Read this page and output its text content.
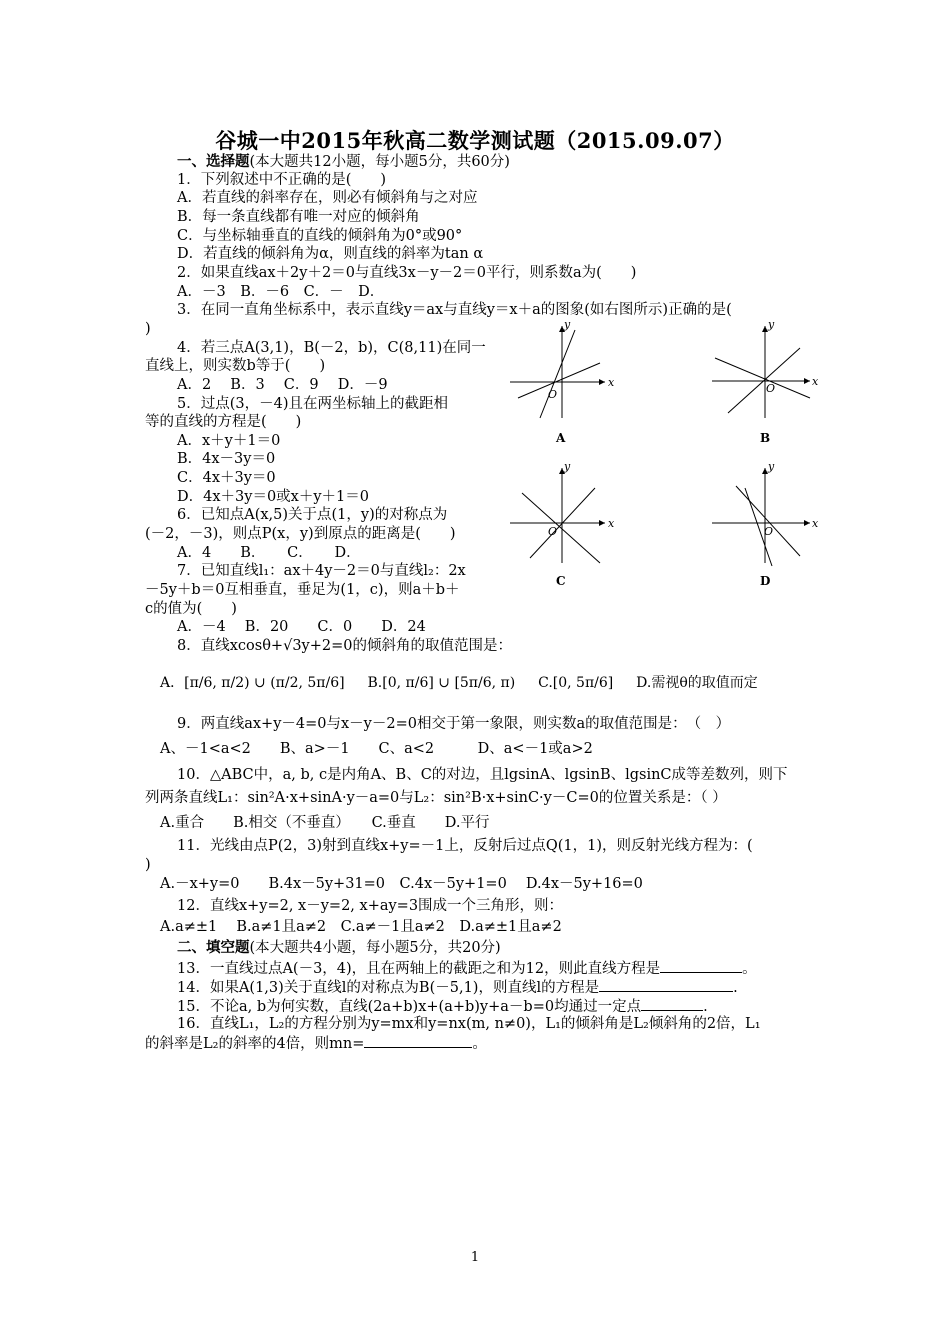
谷城一中2015年秋高二数学测试题（2015.09.07）
一、选择题(本大题共12小题，每小题5分，共60分)
1．下列叙述中不正确的是(　　)
A．若直线的斜率存在，则必有倾斜角与之对应
B．每一条直线都有唯一对应的倾斜角
C．与坐标轴垂直的直线的倾斜角为0°或90°
D．若直线的倾斜角为α，则直线的斜率为tan α
2．如果直线ax＋2y＋2＝0与直线3x－y－2＝0平行，则系数a为(　　)
A．－3　B．－6　C．－　D．
3．在同一直角坐标系中，表示直线y＝ax与直线y＝x＋a的图象(如右图所示)正确的是(
)
4．若三点A(3,1)，B(－2，b)，C(8,11)在同一
直线上，则实数b等于(　　)
A．2　 B．3　 C．9　 D．－9
5．过点(3，－4)且在两坐标轴上的截距相
等的直线的方程是(　　)
A．x＋y＋1＝0
B．4x－3y＝0
C．4x＋3y＝0
D．4x＋3y＝0或x＋y＋1＝0
6．已知点A(x,5)关于点(1，y)的对称点为
(－2，－3)，则点P(x，y)到原点的距离是(　　)
A．4　　B．　　C．　　D．
7．已知直线l₁：ax＋4y－2＝0与直线l₂：2x
－5y＋b＝0互相垂直，垂足为(1，c)，则a＋b＋
c的值为(　　)
A．－4　 B．20　　C．0　　D．24
8．直线xcosθ+√3y+2=0的倾斜角的取值范围是：
A．[π/6, π/2) ∪ (π/2, 5π/6] B.[0, π/6] ∪ [5π/6, π) C.[0, 5π/6] D.需视θ的取值而定
9．两直线ax+y－4=0与x－y－2=0相交于第一象限，则实数a的取值范围是：　（　）
A、－1<a<2　　B、a>－1　　C、a<2　　　D、a<－1或a>2
10．△ABC中，a, b, c是内角A、B、C的对边，且lgsinA、lgsinB、lgsinC成等差数列，则下
列两条直线L₁：sin²A·x+sinA·y－a=0与L₂：sin²B·x+sinC·y－C=0的位置关系是：（ ）
A.重合　　B.相交（不垂直）　　C.垂直　　D.平行
11．光线由点P(2，3)射到直线x+y=－1上，反射后过点Q(1，1)，则反射光线方程为：(
)
A.－x+y=0　　B.4x－5y+31=0　C.4x－5y+1=0　 D.4x－5y+16=0
12．直线x+y=2, x－y=2, x+ay=3围成一个三角形，则：
A.a≠±1　 B.a≠1且a≠2　C.a≠－1且a≠2　D.a≠±1且a≠2
二、填空题(本大题共4小题，每小题5分，共20分)
13．一直线过点A(－3，4)，且在两轴上的截距之和为12，则此直线方程是	。
14．如果A(1,3)关于直线l的对称点为B(－5,1)，则直线l的方程是	.
15．不论a, b为何实数，直线(2a+b)x+(a+b)y+a－b=0均通过一定点	.
16．直线L₁，L₂的方程分别为y=mx和y=nx(m, n≠0)，L₁的倾斜角是L₂倾斜角的2倍，L₁
的斜率是L₂的斜率的4倍，则mn=	。
x
y
O
A
x
y
O
B
x
y
O
C
x
y
O
D
1
